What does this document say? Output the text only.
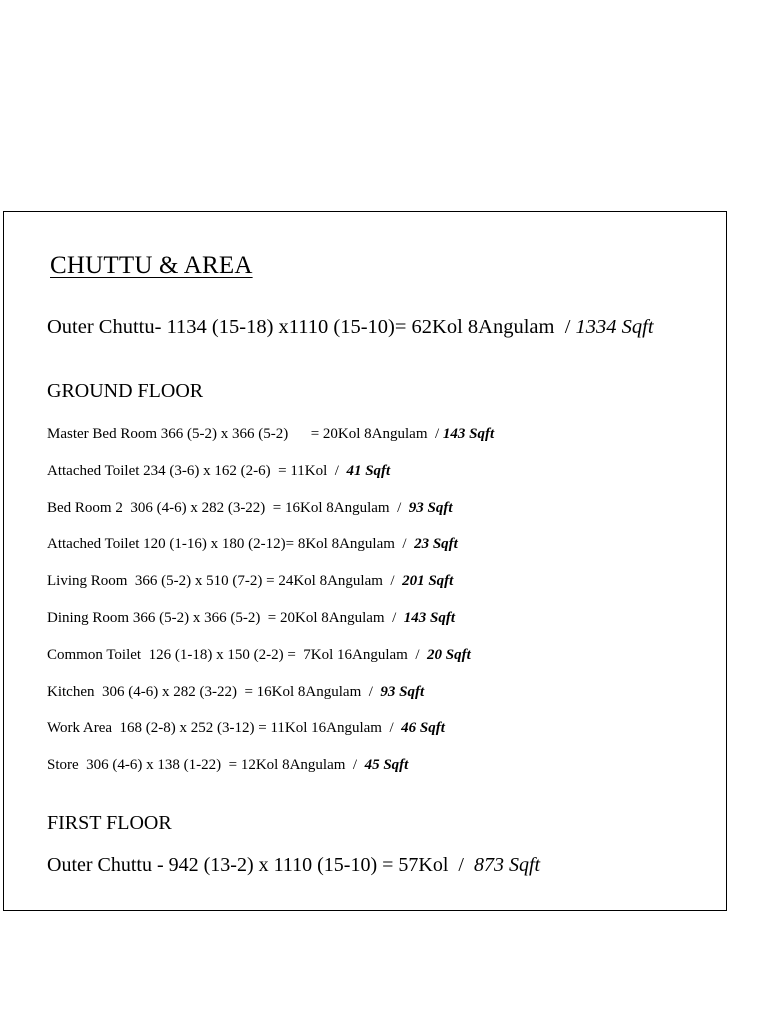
CHUTTU & AREA
Outer Chuttu- 1134 (15-18) x1110 (15-10)= 62Kol 8Angulam  / 1334 Sqft
GROUND FLOOR
Master Bed Room 366 (5-2) x 366 (5-2)      = 20Kol 8Angulam  / 143 Sqft
Attached Toilet 234 (3-6) x 162 (2-6)  = 11Kol  /  41 Sqft
Bed Room 2  306 (4-6) x 282 (3-22)  = 16Kol 8Angulam  /  93 Sqft
Attached Toilet 120 (1-16) x 180 (2-12)= 8Kol 8Angulam  /  23 Sqft
Living Room  366 (5-2) x 510 (7-2) = 24Kol 8Angulam  /  201 Sqft
Dining Room 366 (5-2) x 366 (5-2)  = 20Kol 8Angulam  /  143 Sqft
Common Toilet  126 (1-18) x 150 (2-2) =  7Kol 16Angulam  /  20 Sqft
Kitchen  306 (4-6) x 282 (3-22)  = 16Kol 8Angulam  /  93 Sqft
Work Area  168 (2-8) x 252 (3-12) = 11Kol 16Angulam  /  46 Sqft
Store  306 (4-6) x 138 (1-22)  = 12Kol 8Angulam  /  45 Sqft
FIRST FLOOR
Outer Chuttu - 942 (13-2) x 1110 (15-10) = 57Kol  /  873 Sqft
